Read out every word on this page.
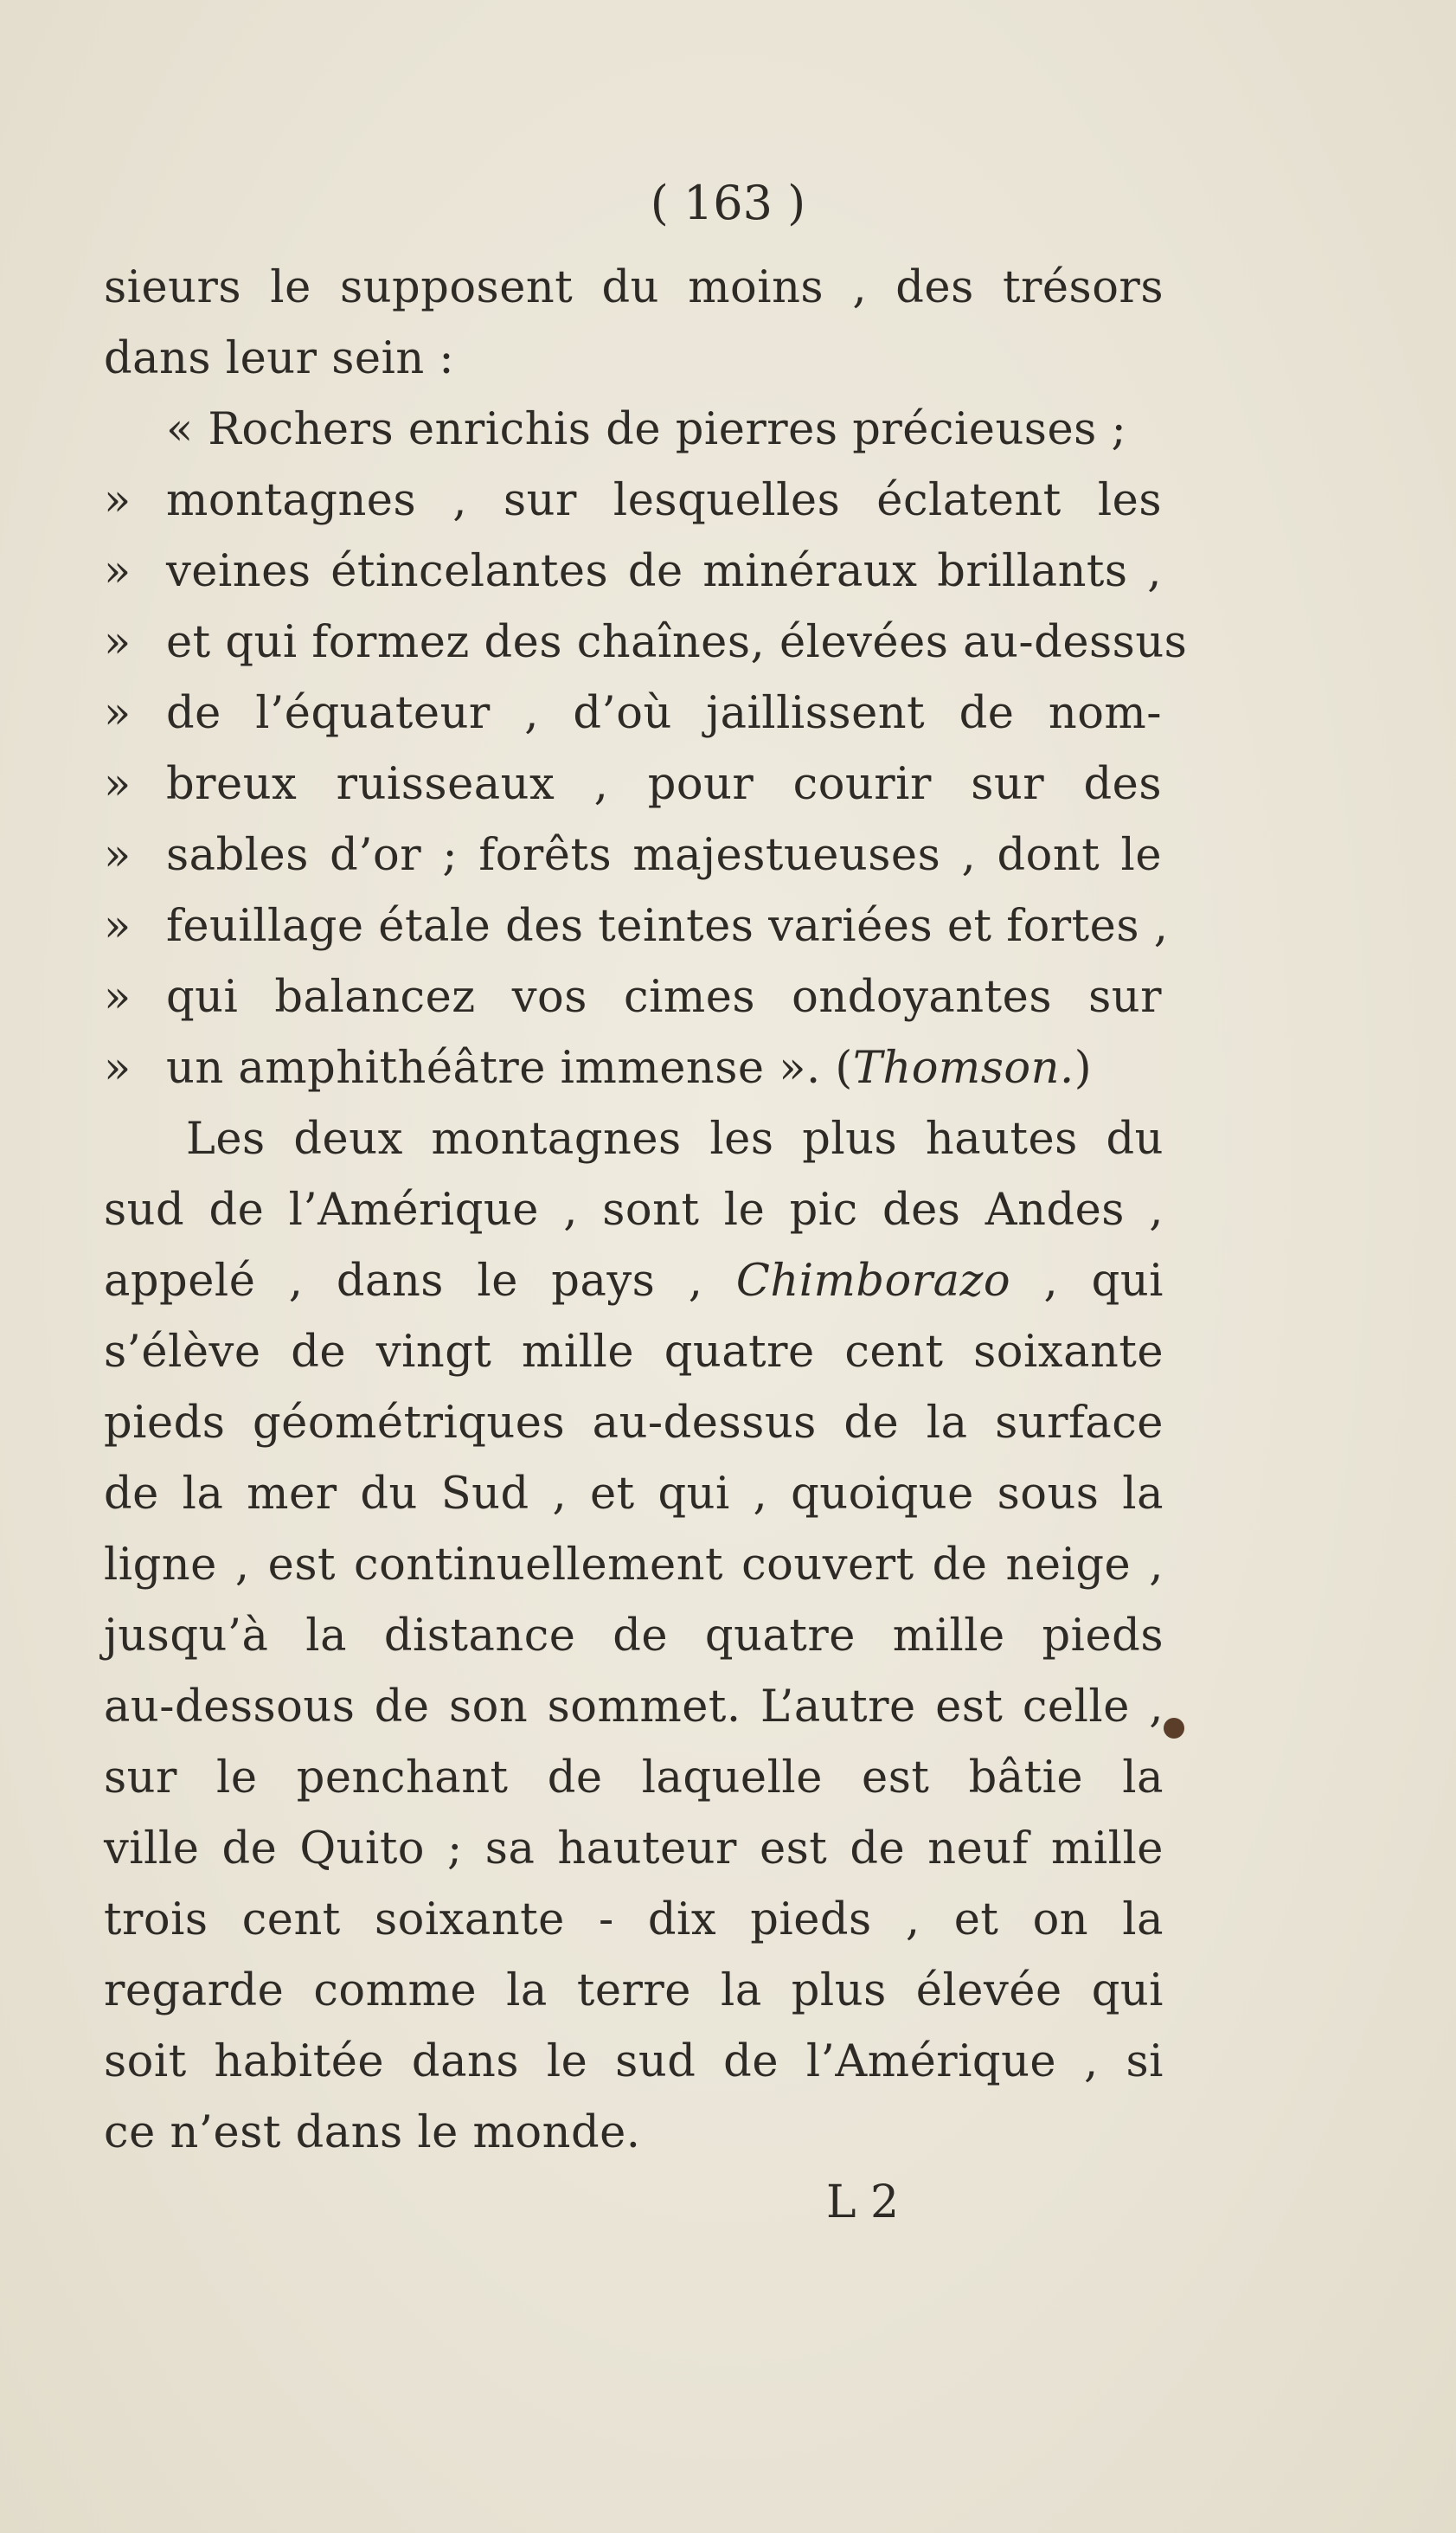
( 163 )
sieurs le supposent du moins , des trésors
dans leur sein :
« Rochers enrichis de pierres précieuses ;
» montagnes , sur lesquelles éclatent les
» veines étincelantes de minéraux brillants ,
» et qui formez des chaînes, élevées au-dessus
» de l’équateur , d’où jaillissent de nom-
» breux ruisseaux , pour courir sur des
» sables d’or ; forêts majestueuses , dont le
» feuillage étale des teintes variées et fortes ,
» qui balancez vos cimes ondoyantes sur
» un amphithéâtre immense ». (Thomson.)
Les deux montagnes les plus hautes du
sud de l’Amérique , sont le pic des Andes ,
appelé , dans le pays , Chimborazo , qui
s’élève de vingt mille quatre cent soixante
pieds géométriques au-dessus de la surface
de la mer du Sud , et qui , quoique sous la
ligne , est continuellement couvert de neige ,
jusqu’à la distance de quatre mille pieds
au-dessous de son sommet. L’autre est celle ,
sur le penchant de laquelle est bâtie la
ville de Quito ; sa hauteur est de neuf mille
trois cent soixante - dix pieds , et on la
regarde comme la terre la plus élevée qui
soit habitée dans le sud de l’Amérique , si
ce n’est dans le monde.
L 2
